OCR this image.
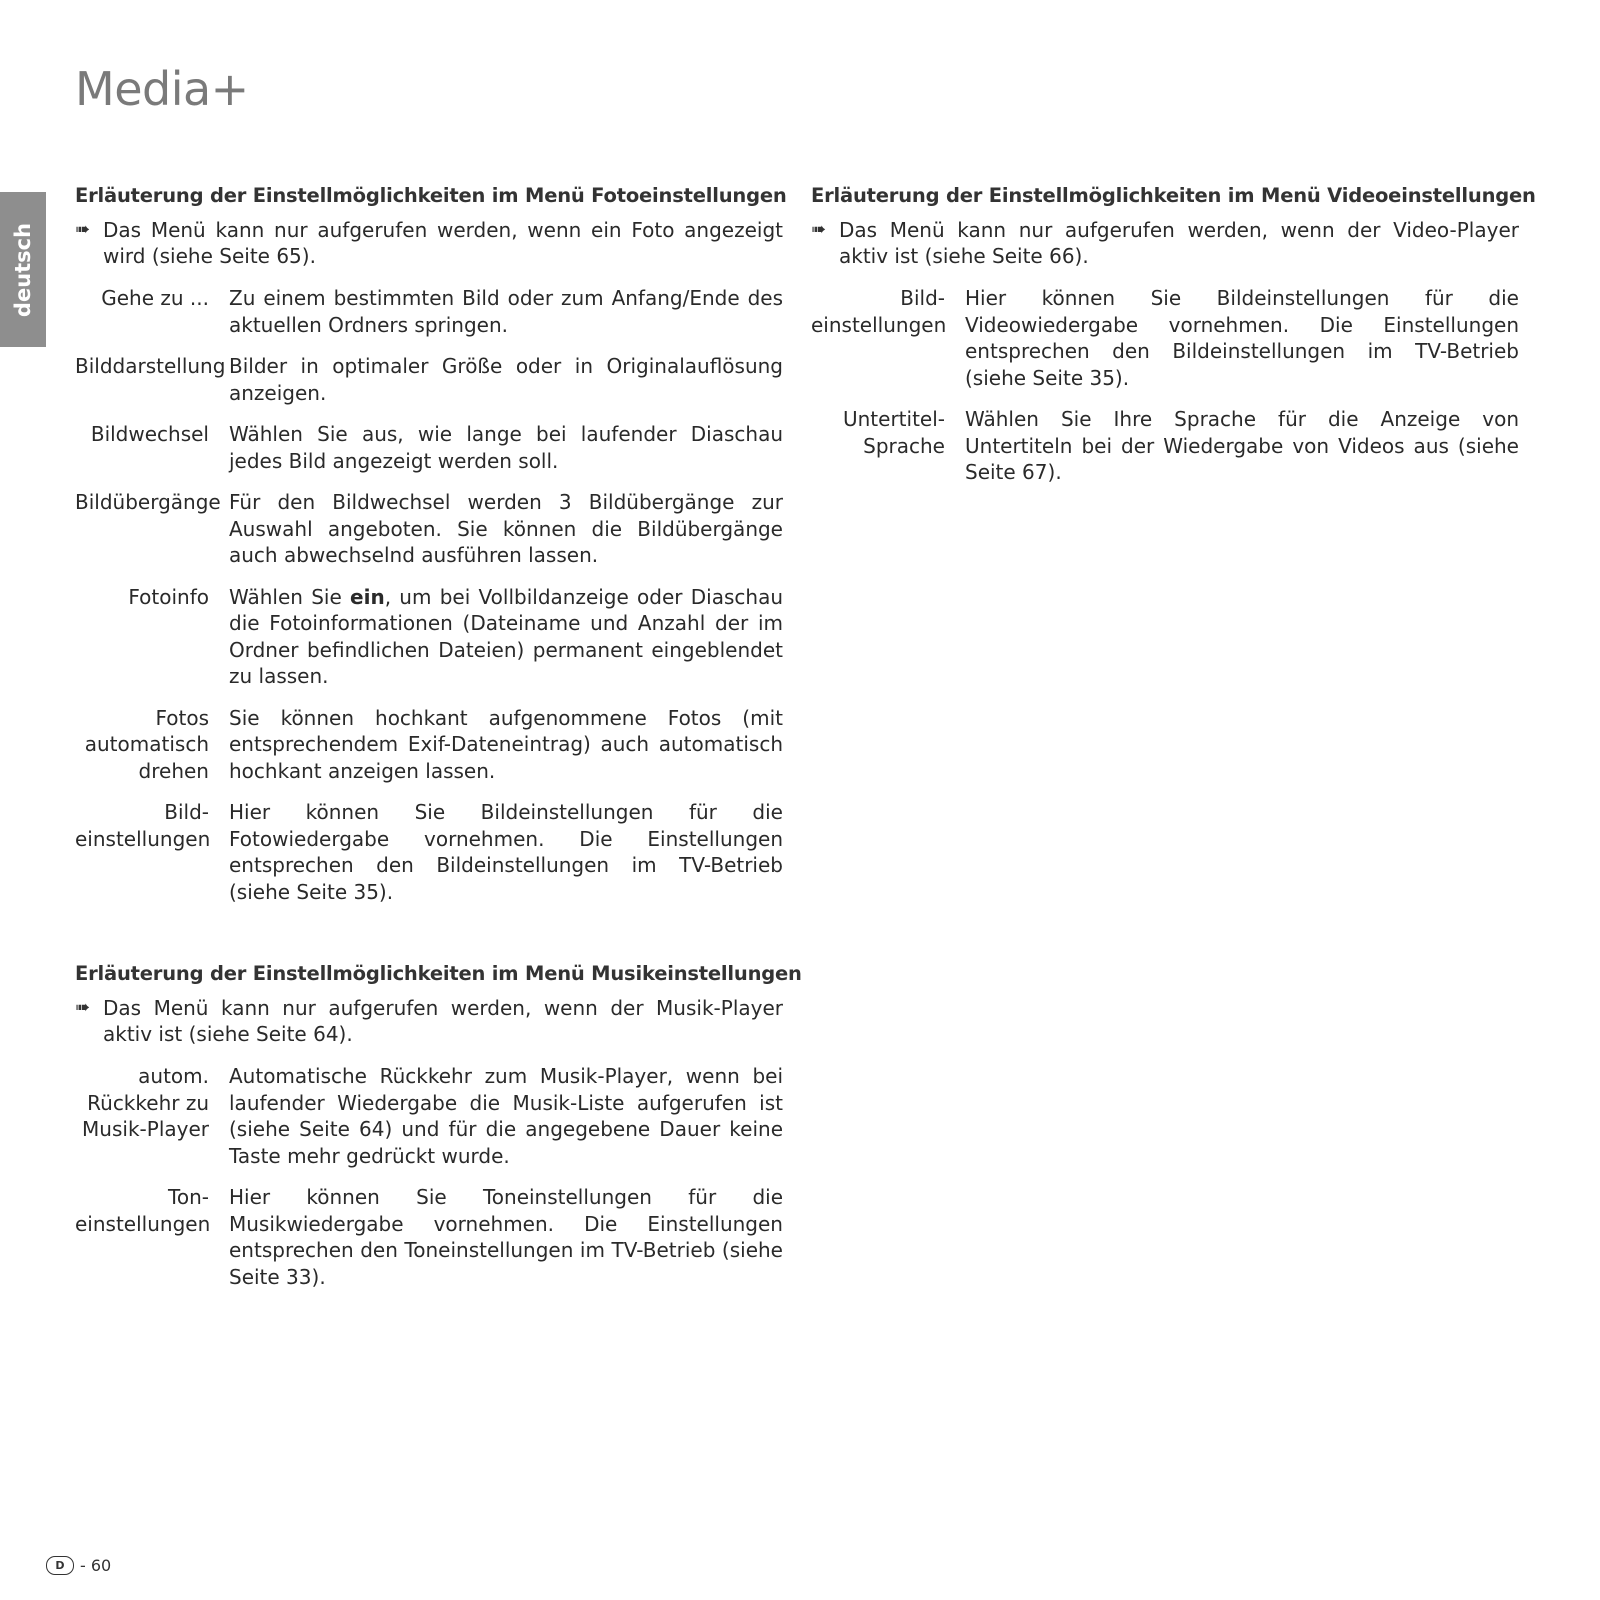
Media+
deutsch
Erläuterung der Einstellmöglichkeiten im Menü Fotoeinstellungen
➠ Das Menü kann nur aufgerufen werden, wenn ein Foto angezeigt wird (siehe Seite 65).
Gehe zu ... Zu einem bestimmten Bild oder zum Anfang/Ende des aktuellen Ordners springen.
Bilddarstellung Bilder in optimaler Größe oder in Originalauflösung anzeigen.
Bildwechsel Wählen Sie aus, wie lange bei laufender Diaschau jedes Bild angezeigt werden soll.
Bildübergänge Für den Bildwechsel werden 3 Bildübergänge zur Auswahl angeboten. Sie können die Bildübergänge auch abwechselnd ausführen lassen.
Fotoinfo Wählen Sie ein, um bei Vollbildanzeige oder Diaschau die Fotoinformationen (Dateiname und Anzahl der im Ordner befindlichen Dateien) permanent eingeblendet zu lassen.
Fotos
automatisch
drehen
Sie können hochkant aufgenommene Fotos (mit entsprechendem Exif-Dateneintrag) auch automatisch hochkant anzeigen lassen.
Bild-
einstellungen
Hier können Sie Bildeinstellungen für die Fotowiedergabe vornehmen. Die Einstellungen entsprechen den Bildeinstellungen im TV-Betrieb (siehe Seite 35).
Erläuterung der Einstellmöglichkeiten im Menü Videoeinstellungen
➠ Das Menü kann nur aufgerufen werden, wenn der Video-Player aktiv ist (siehe Seite 66).
Bild-
einstellungen
Hier können Sie Bildeinstellungen für die Videowiedergabe vornehmen. Die Einstellungen entsprechen den Bildeinstellungen im TV-Betrieb (siehe Seite 35).
Untertitel-
Sprache
Wählen Sie Ihre Sprache für die Anzeige von Untertiteln bei der Wiedergabe von Videos aus (siehe Seite 67).
Erläuterung der Einstellmöglichkeiten im Menü Musikeinstellungen
➠ Das Menü kann nur aufgerufen werden, wenn der Musik-Player aktiv ist (siehe Seite 64).
autom.
Rückkehr zu
Musik-Player
Automatische Rückkehr zum Musik-Player, wenn bei laufender Wiedergabe die Musik-Liste aufgerufen ist (siehe Seite 64) und für die angegebene Dauer keine Taste mehr gedrückt wurde.
Ton-
einstellungen
Hier können Sie Toneinstellungen für die Musikwiedergabe vornehmen. Die Einstellungen entsprechen den Toneinstellungen im TV-Betrieb (siehe Seite 33).
D - 60
